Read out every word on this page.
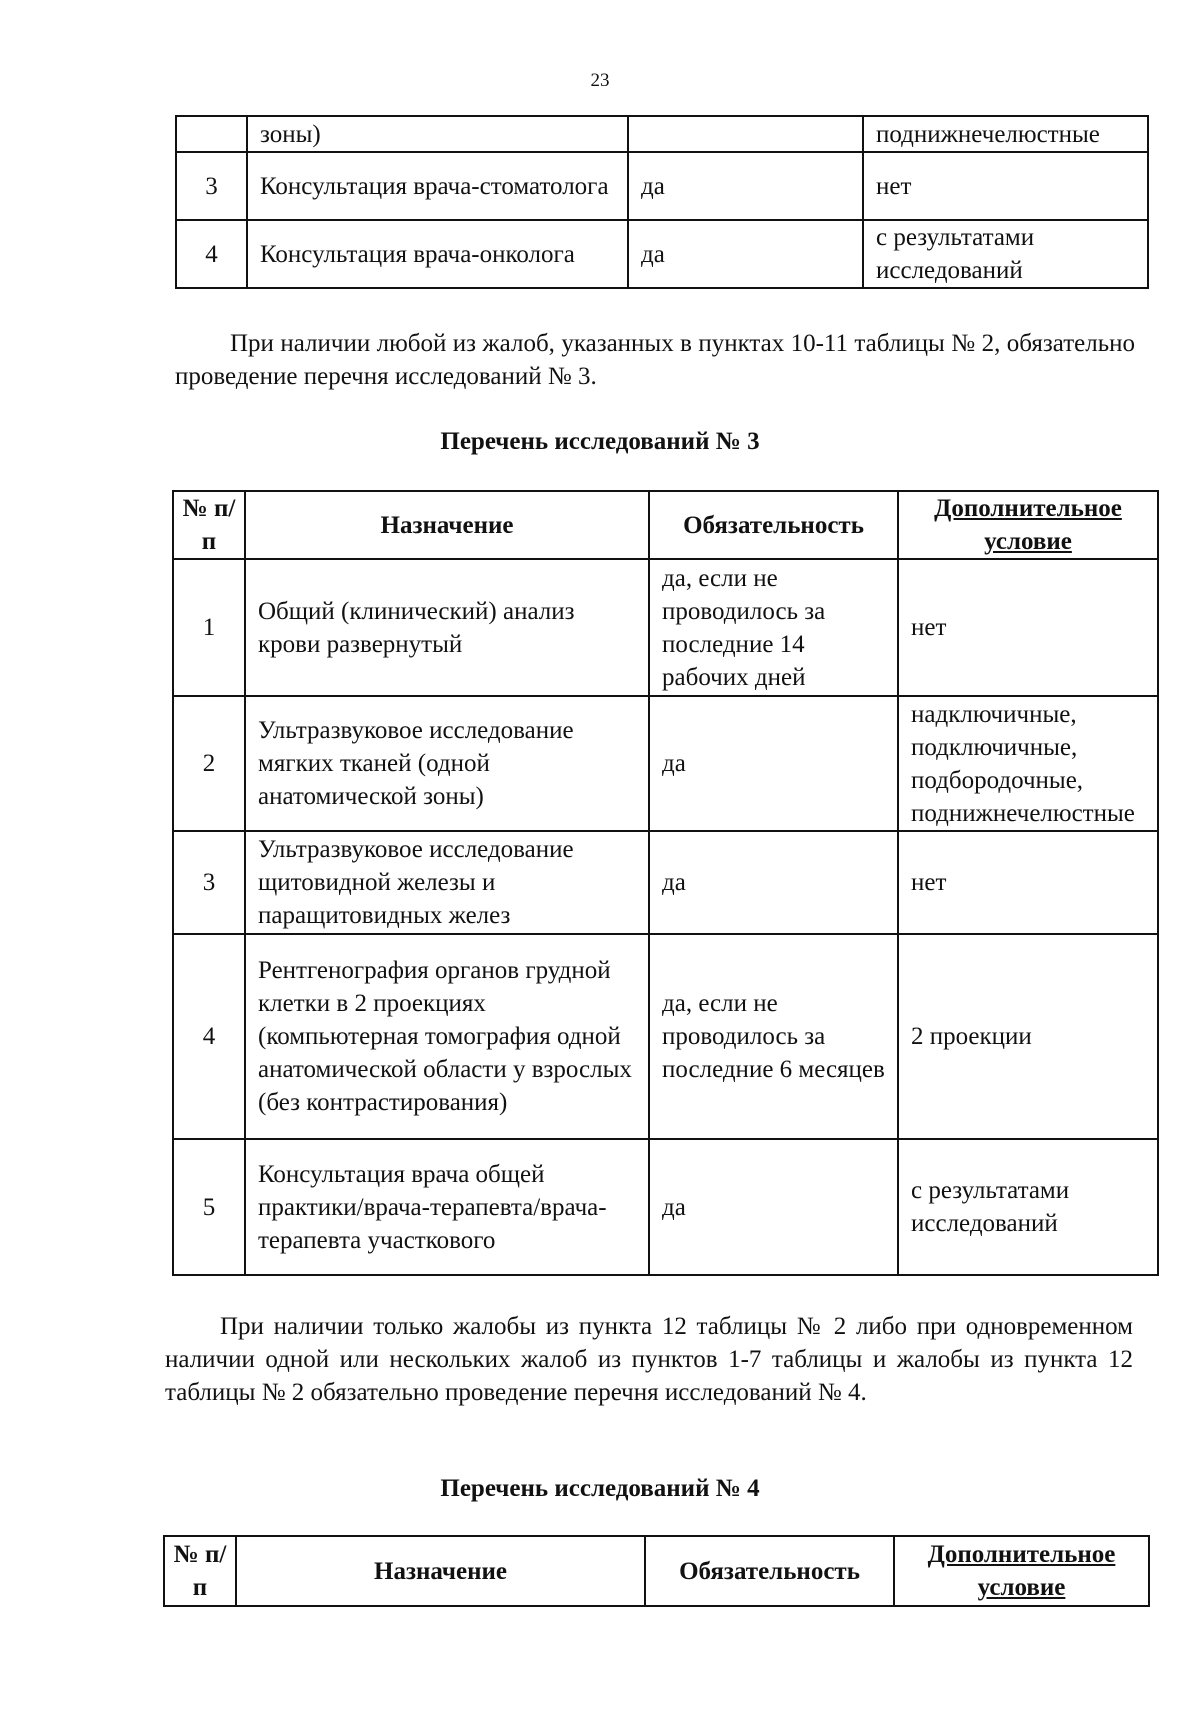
23
	зоны)		поднижнечелюстные
3	Консультация врача-стоматолога	да	нет
4	Консультация врача-онколога	да	с результатами исследований
При наличии любой из жалоб, указанных в пунктах 10-11 таблицы № 2, обязательно проведение перечня исследований № 3.
Перечень исследований № 3
№ п/п	Назначение	Обязательность	Дополнительное условие
1	Общий (клинический) анализ крови развернутый	да, если не проводилось за последние 14 рабочих дней	нет
2	Ультразвуковое исследование мягких тканей (одной анатомической зоны)	да	надключичные, подключичные, подбородочные, поднижнечелюстные
3	Ультразвуковое исследование щитовидной железы и паращитовидных желез	да	нет
4	Рентгенография органов грудной клетки в 2 проекциях (компьютерная томография одной анатомической области у взрослых (без контрастирования)	да, если не проводилось за последние 6 месяцев	2 проекции
5	Консультация врача общей практики/врача-терапевта/врача-терапевта участкового	да	с результатами исследований
При наличии только жалобы из пункта 12 таблицы № 2 либо при одновременном наличии одной или нескольких жалоб из пунктов 1-7 таблицы и жалобы из пункта 12 таблицы № 2 обязательно проведение перечня исследований № 4.
Перечень исследований № 4
№ п/п	Назначение	Обязательность	Дополнительное условие
